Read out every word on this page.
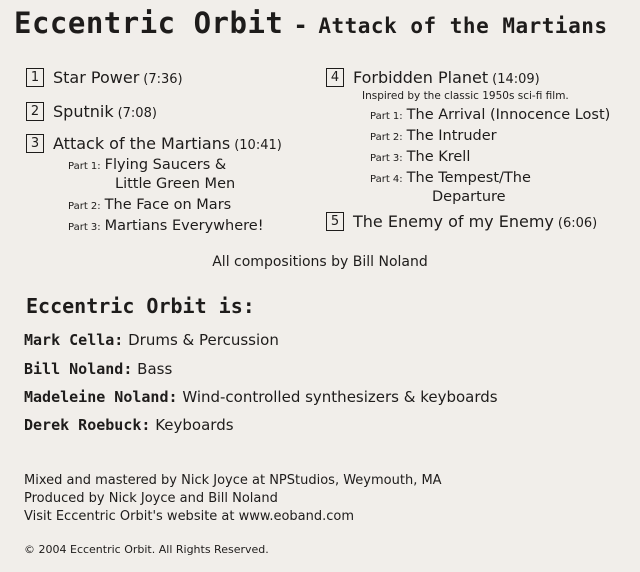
Eccentric Orbit - Attack of the Martians
1 Star Power (7:36)
2 Sputnik (7:08)
3 Attack of the Martians (10:41)
Part 1: Flying Saucers &
Little Green Men
Part 2: The Face on Mars
Part 3: Martians Everywhere!
4 Forbidden Planet (14:09)
Inspired by the classic 1950s sci-fi film.
Part 1: The Arrival (Innocence Lost)
Part 2: The Intruder
Part 3: The Krell
Part 4: The Tempest/The
Departure
5 The Enemy of my Enemy (6:06)
All compositions by Bill Noland
Eccentric Orbit is:
Mark Cella: Drums & Percussion
Bill Noland: Bass
Madeleine Noland: Wind-controlled synthesizers & keyboards
Derek Roebuck: Keyboards
Mixed and mastered by Nick Joyce at NPStudios, Weymouth, MA
Produced by Nick Joyce and Bill Noland
Visit Eccentric Orbit's website at www.eoband.com
© 2004 Eccentric Orbit. All Rights Reserved.
